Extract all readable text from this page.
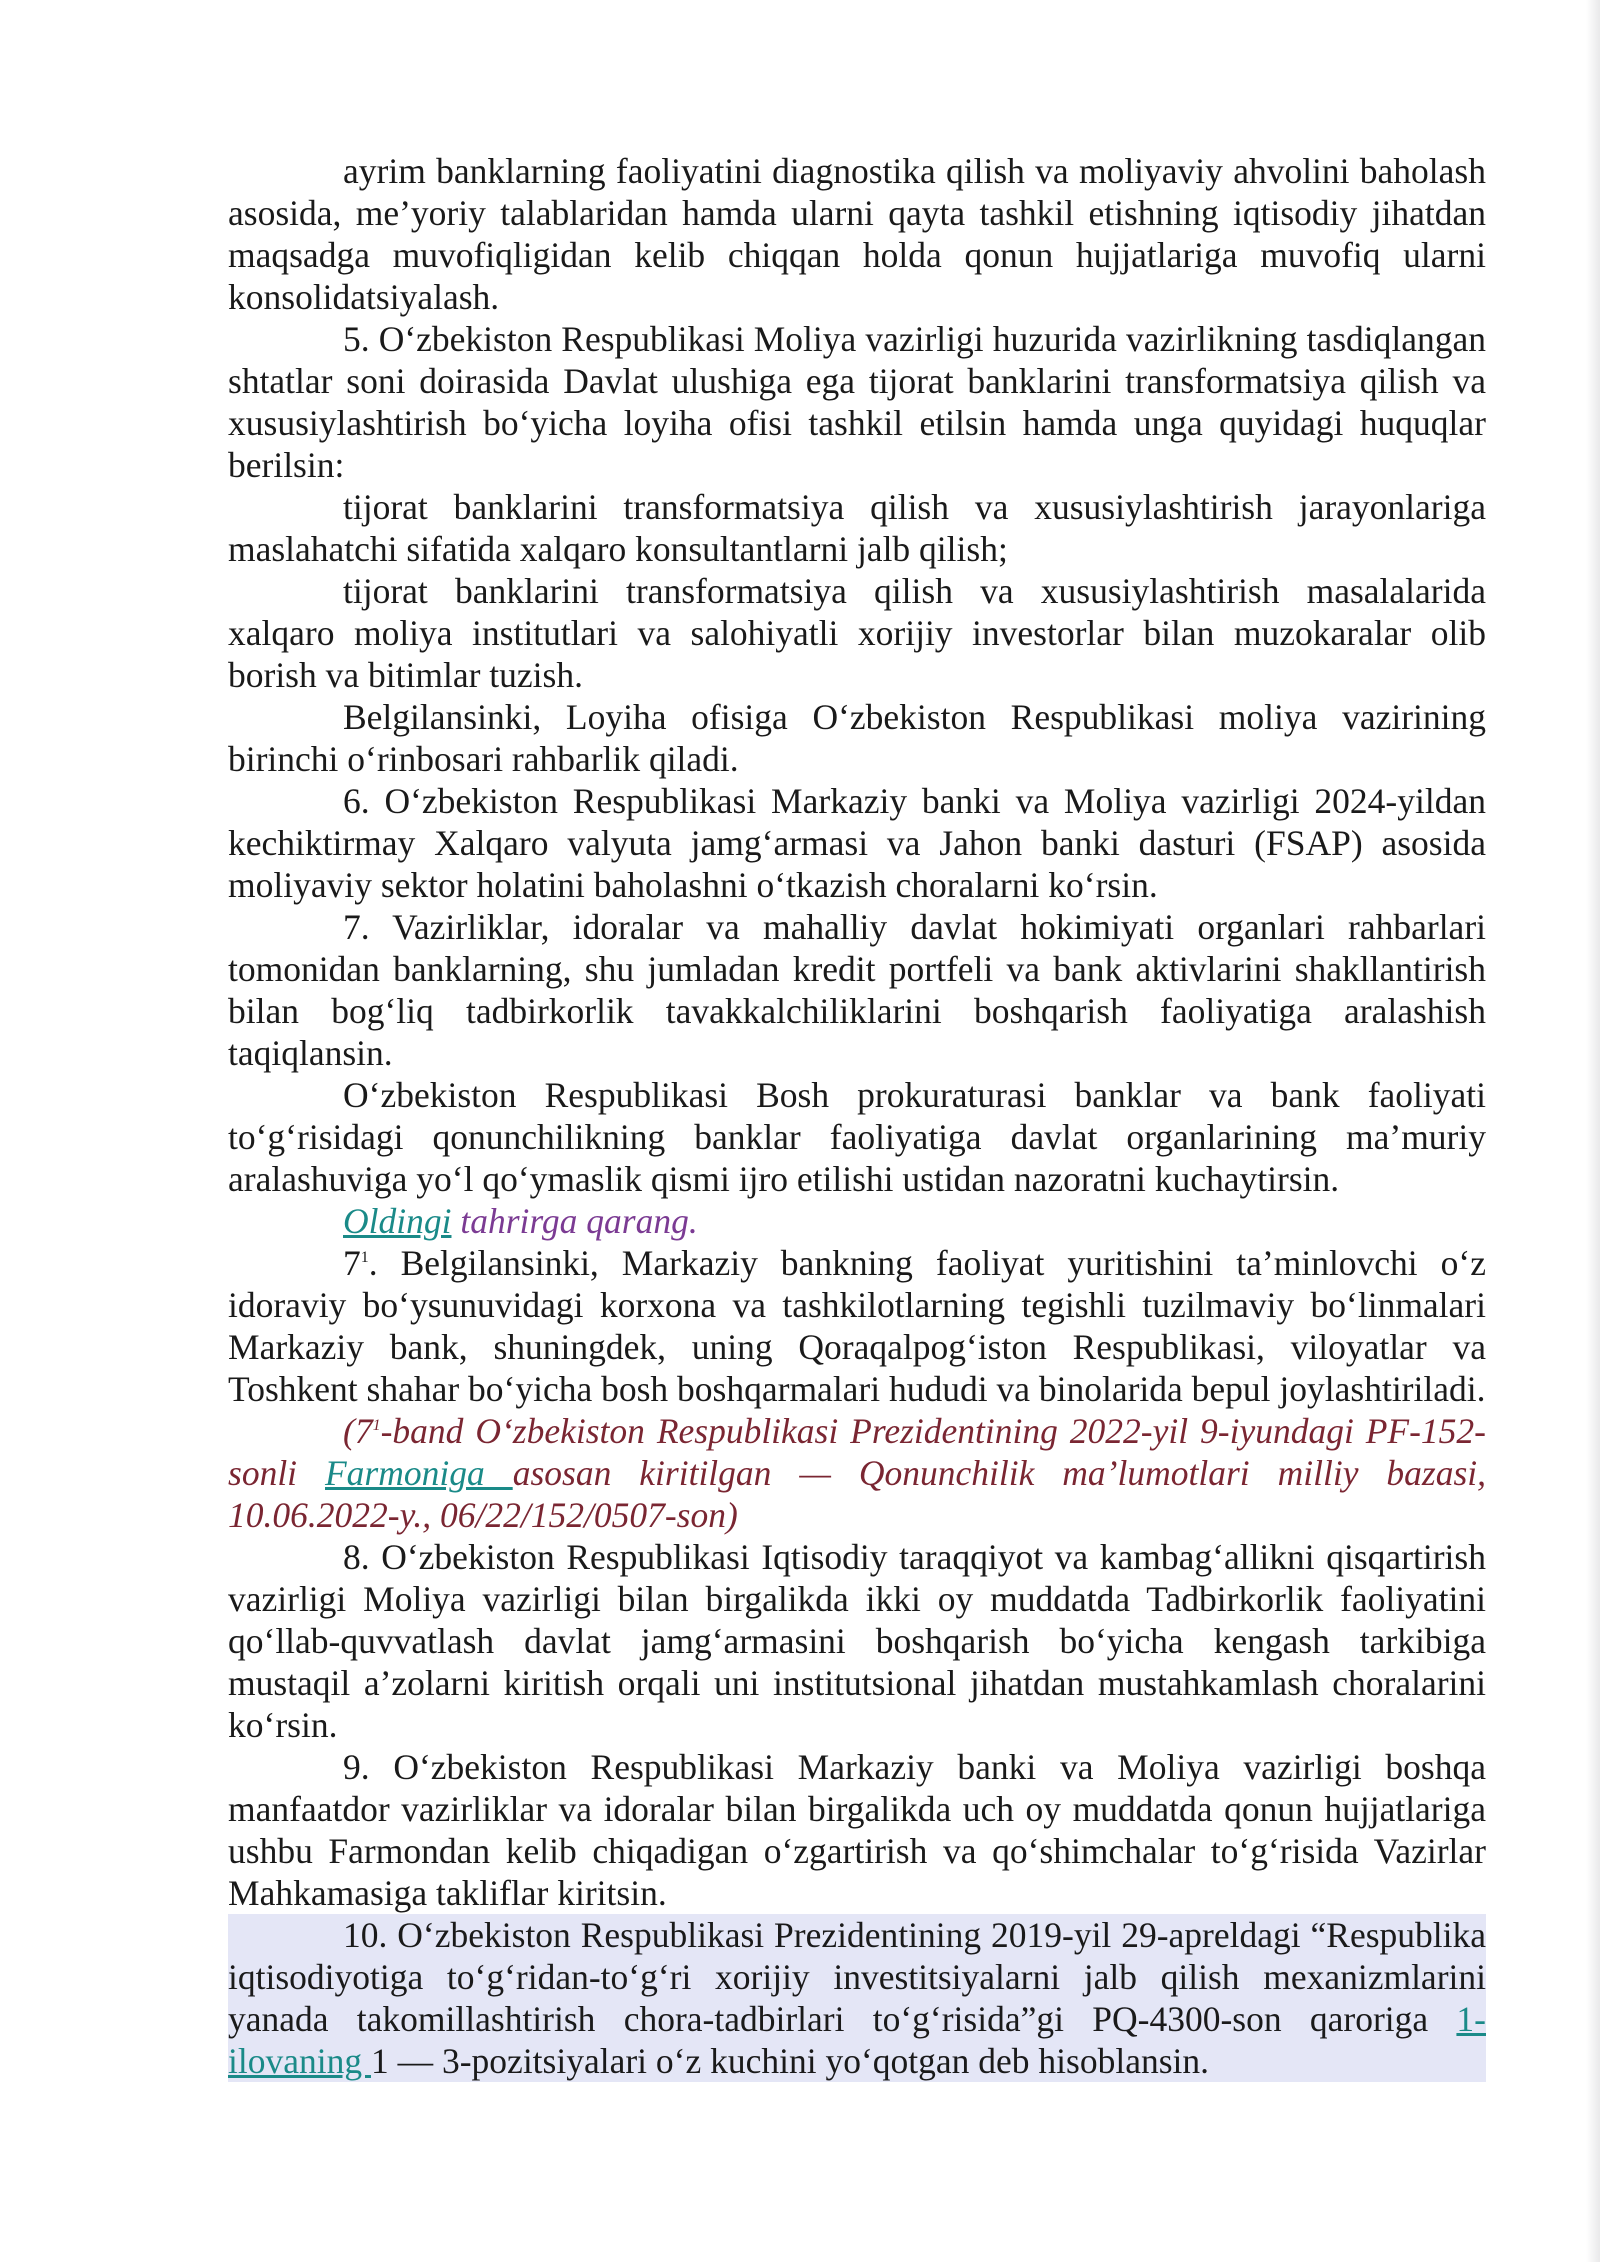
ayrim banklarning faoliyatini diagnostika qilish va moliyaviy ahvolini baholash asosida, me’yoriy talablaridan hamda ularni qayta tashkil etishning iqtisodiy jihatdan maqsadga muvofiqligidan kelib chiqqan holda qonun hujjatlariga muvofiq ularni konsolidatsiyalash.

5. O‘zbekiston Respublikasi Moliya vazirligi huzurida vazirlikning tasdiqlangan shtatlar soni doirasida Davlat ulushiga ega tijorat banklarini transformatsiya qilish va xususiylashtirish bo‘yicha loyiha ofisi tashkil etilsin hamda unga quyidagi huquqlar berilsin:

tijorat banklarini transformatsiya qilish va xususiylashtirish jarayonlariga maslahatchi sifatida xalqaro konsultantlarni jalb qilish;

tijorat banklarini transformatsiya qilish va xususiylashtirish masalalarida xalqaro moliya institutlari va salohiyatli xorijiy investorlar bilan muzokaralar olib borish va bitimlar tuzish.

Belgilansinki, Loyiha ofisiga O‘zbekiston Respublikasi moliya vazirining birinchi o‘rinbosari rahbarlik qiladi.

6. O‘zbekiston Respublikasi Markaziy banki va Moliya vazirligi 2024-yildan kechiktirmay Xalqaro valyuta jamg‘armasi va Jahon banki dasturi (FSAP) asosida moliyaviy sektor holatini baholashni o‘tkazish choralarni ko‘rsin.

7. Vazirliklar, idoralar va mahalliy davlat hokimiyati organlari rahbarlari tomonidan banklarning, shu jumladan kredit portfeli va bank aktivlarini shakllantirish bilan bog‘liq tadbirkorlik tavakkalchiliklarini boshqarish faoliyatiga aralashish taqiqlansin.

O‘zbekiston Respublikasi Bosh prokuraturasi banklar va bank faoliyati to‘g‘risidagi qonunchilikning banklar faoliyatiga davlat organlarining ma’muriy aralashuviga yo‘l qo‘ymaslik qismi ijro etilishi ustidan nazoratni kuchaytirsin.

Oldingi tahrirga qarang.

$7^1$. Belgilansinki, Markaziy bankning faoliyat yuritishini ta’minlovchi o‘z idoraviy bo‘ysunuvidagi korxona va tashkilotlarning tegishli tuzilmaviy bo‘linmalari Markaziy bank, shuningdek, uning Qoraqalpog‘iston Respublikasi, viloyatlar va Toshkent shahar bo‘yicha bosh boshqarmalari hududi va binolarida bepul joylashtiriladi.

($7^1$-band O‘zbekiston Respublikasi Prezidentining 2022-yil 9-iyundagi PF-152-sonli Farmoniga asosan kiritilgan — Qonunchilik ma’lumotlari milliy bazasi, 10.06.2022-y., 06/22/152/0507-son)

8. O‘zbekiston Respublikasi Iqtisodiy taraqqiyot va kambag‘allikni qisqartirish vazirligi Moliya vazirligi bilan birgalikda ikki oy muddatda Tadbirkorlik faoliyatini qo‘llab-quvvatlash davlat jamg‘armasini boshqarish bo‘yicha kengash tarkibiga mustaqil a’zolarni kiritish orqali uni institutsional jihatdan mustahkamlash choralarini ko‘rsin.

9. O‘zbekiston Respublikasi Markaziy banki va Moliya vazirligi boshqa manfaatdor vazirliklar va idoralar bilan birgalikda uch oy muddatda qonun hujjatlariga ushbu Farmondan kelib chiqadigan o‘zgartirish va qo‘shimchalar to‘g‘risida Vazirlar Mahkamasiga takliflar kiritsin.

10. O‘zbekiston Respublikasi Prezidentining 2019-yil 29-apreldagi “Respublika iqtisodiyotiga to‘g‘ridan-to‘g‘ri xorijiy investitsiyalarni jalb qilish mexanizmlarini yanada takomillashtirish chora-tadbirlari to‘g‘risida”gi PQ-4300-son qaroriga 1-ilovaning 1 — 3-pozitsiyalari o‘z kuchini yo‘qotgan deb hisoblansin.
